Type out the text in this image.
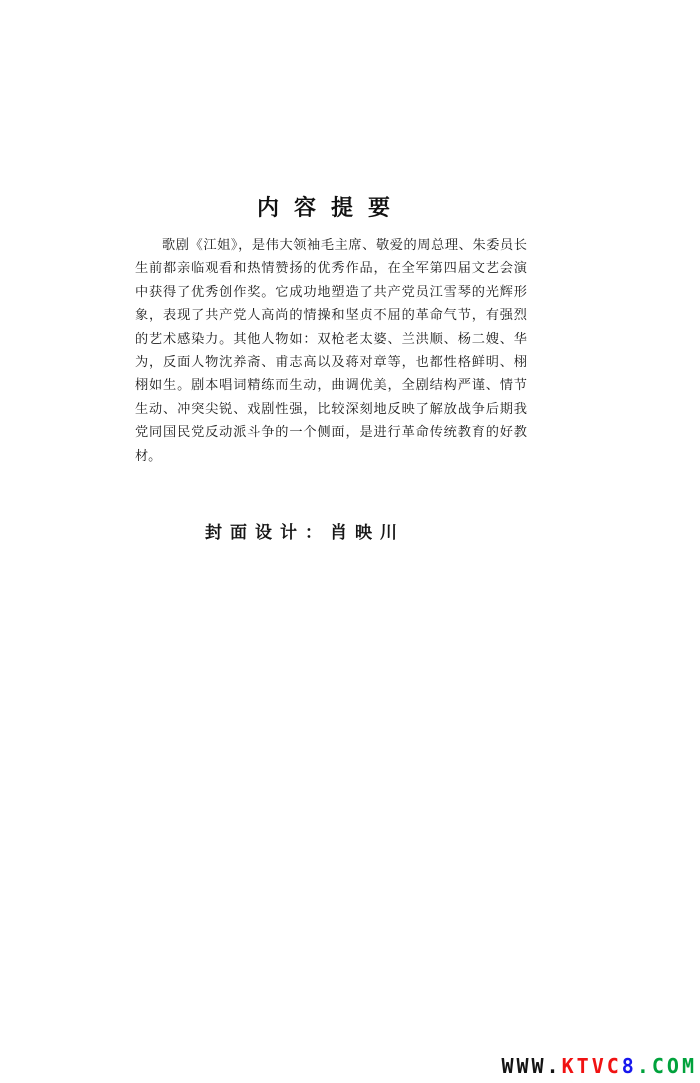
内容提要
歌剧《江姐》，是伟大领袖毛主席、敬爱的周总理、朱委员长
生前都亲临观看和热情赞扬的优秀作品，在全军第四届文艺会演
中获得了优秀创作奖。它成功地塑造了共产党员江雪琴的光辉形
象，表现了共产党人高尚的情操和坚贞不屈的革命气节，有强烈
的艺术感染力。其他人物如：双枪老太婆、兰洪顺、杨二嫂、华
为，反面人物沈养斋、甫志高以及蒋对章等，也都性格鲜明、栩
栩如生。剧本唱词精练而生动，曲调优美，全剧结构严谨、情节
生动、冲突尖锐、戏剧性强，比较深刻地反映了解放战争后期我
党同国民党反动派斗争的一个侧面，是进行革命传统教育的好教
材。
封面设计：肖映川
WWW.KTVC8.COM
